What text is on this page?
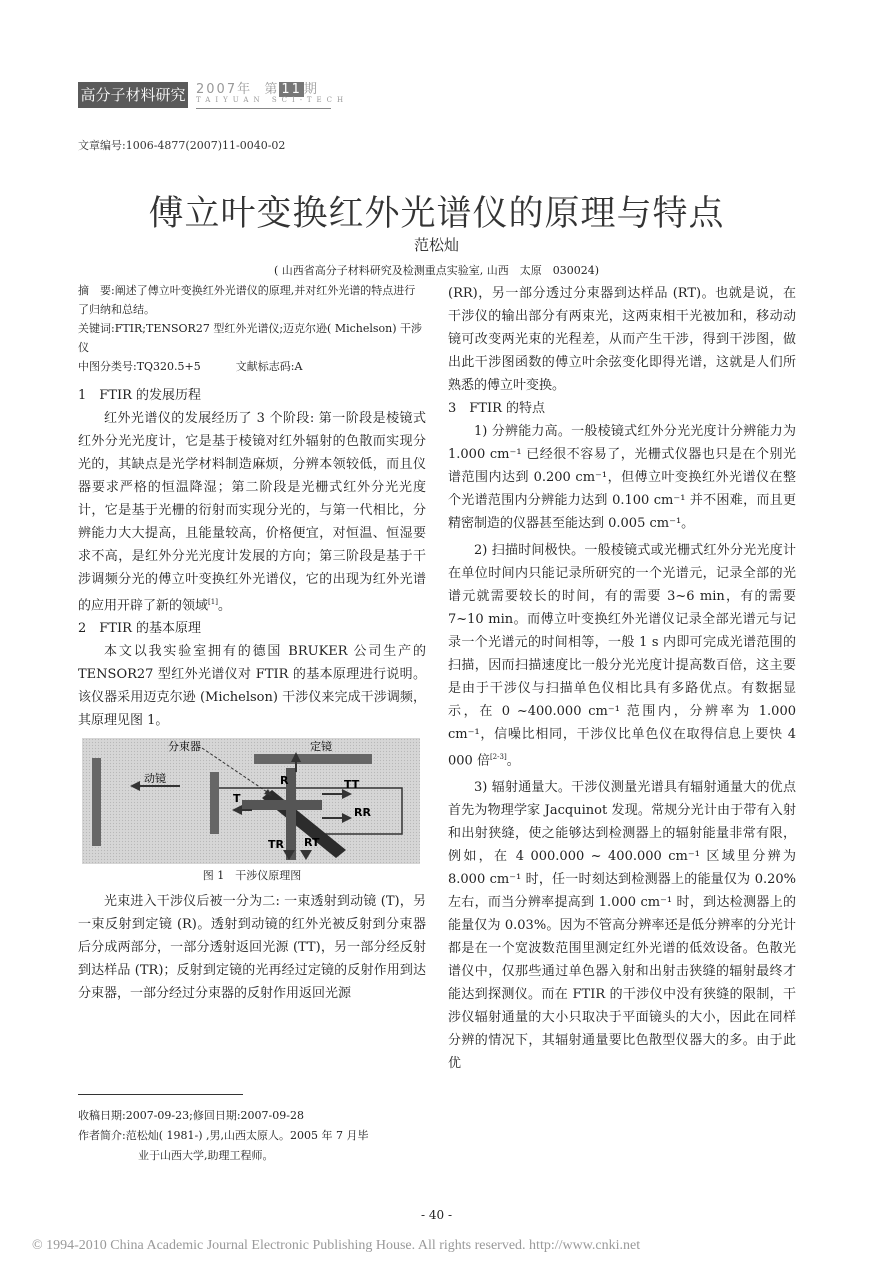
高分子材料研究 2007年 第 11 期
TAIYUAN SCI-TECH
文章编号:1006-4877(2007)11-0040-02
傅立叶变换红外光谱仪的原理与特点
范松灿
( 山西省高分子材料研究及检测重点实验室, 山西　太原　030024)
摘　要:阐述了傅立叶变换红外光谱仪的原理,并对红外光谱的特点进行了归纳和总结。
关键词:FTIR;TENSOR27 型红外光谱仪;迈克尔逊( Michelson) 干涉仪
中图分类号:TQ320.5+5	文献标志码:A

1　FTIR 的发展历程

红外光谱仪的发展经历了 3 个阶段: 第一阶段是棱镜式红外分光光度计，它是基于棱镜对红外辐射的色散而实现分光的，其缺点是光学材料制造麻烦，分辨本领较低，而且仪器要求严格的恒温降湿；第二阶段是光栅式红外分光光度计，它是基于光栅的衍射而实现分光的，与第一代相比，分辨能力大大提高，且能量较高，价格便宜，对恒温、恒湿要求不高，是红外分光光度计发展的方向；第三阶段是基于干涉调频分光的傅立叶变换红外光谱仪，它的出现为红外光谱的应用开辟了新的领域[1]。

2　FTIR 的基本原理

本文以我实验室拥有的德国 BRUKER 公司生产的 TENSOR27 型红外光谱仪对 FTIR 的基本原理进行说明。该仪器采用迈克尔逊 (Michelson) 干涉仪来完成干涉调频，其原理见图 1。

分束器	定镜
动镜	R
T
TT
RR
TR RT

图 1　干涉仪原理图

光束进入干涉仪后被一分为二: 一束透射到动镜 (T)，另一束反射到定镜 (R)。透射到动镜的红外光被反射到分束器后分成两部分，一部分透射返回光源 (TT)，另一部分经反射到达样品 (TR)；反射到定镜的光再经过定镜的反射作用到达分束器，一部分经过分束器的反射作用返回光源

(RR)，另一部分透过分束器到达样品 (RT)。也就是说，在干涉仪的输出部分有两束光，这两束相干光被加和，移动动镜可改变两光束的光程差，从而产生干涉，得到干涉图，做出此干涉图函数的傅立叶余弦变化即得光谱，这就是人们所熟悉的傅立叶变换。

3　FTIR 的特点

1) 分辨能力高。一般棱镜式红外分光光度计分辨能力为 1.000 cm⁻¹ 已经很不容易了，光栅式仪器也只是在个别光谱范围内达到 0.200 cm⁻¹，但傅立叶变换红外光谱仪在整个光谱范围内分辨能力达到 0.100 cm⁻¹ 并不困难，而且更精密制造的仪器甚至能达到 0.005 cm⁻¹。

2) 扫描时间极快。一般棱镜式或光栅式红外分光光度计在单位时间内只能记录所研究的一个光谱元，记录全部的光谱元就需要较长的时间，有的需要 3~6 min，有的需要 7~10 min。而傅立叶变换红外光谱仪记录全部光谱元与记录一个光谱元的时间相等，一般 1 s 内即可完成光谱范围的扫描，因而扫描速度比一般分光光度计提高数百倍，这主要是由于干涉仪与扫描单色仪相比具有多路优点。有数据显示，在 0 ~400.000 cm⁻¹ 范围内，分辨率为 1.000 cm⁻¹，信噪比相同，干涉仪比单色仪在取得信息上要快 4 000 倍[2-3]。

3) 辐射通量大。干涉仪测量光谱具有辐射通量大的优点首先为物理学家 Jacquinot 发现。常规分光计由于带有入射和出射狭缝，使之能够达到检测器上的辐射能量非常有限，例如，在 4 000.000 ~ 400.000 cm⁻¹ 区域里分辨为 8.000 cm⁻¹ 时，任一时刻达到检测器上的能量仅为 0.20% 左右，而当分辨率提高到 1.000 cm⁻¹ 时，到达检测器上的能量仅为 0.03%。因为不管高分辨率还是低分辨率的分光计都是在一个宽波数范围里测定红外光谱的低效设备。色散光谱仪中，仅那些通过单色器入射和出射击狭缝的辐射最终才能达到探测仪。而在 FTIR 的干涉仪中没有狭缝的限制，干涉仪辐射通量的大小只取决于平面镜头的大小，因此在同样分辨的情况下，其辐射通量要比色散型仪器大的多。由于此优

收稿日期:2007-09-23;修回日期:2007-09-28
作者简介:范松灿( 1981-) ,男,山西太原人。2005 年 7 月毕
业于山西大学,助理工程师。
- 40 -
© 1994-2010 China Academic Journal Electronic Publishing House. All rights reserved. http://www.cnki.net
